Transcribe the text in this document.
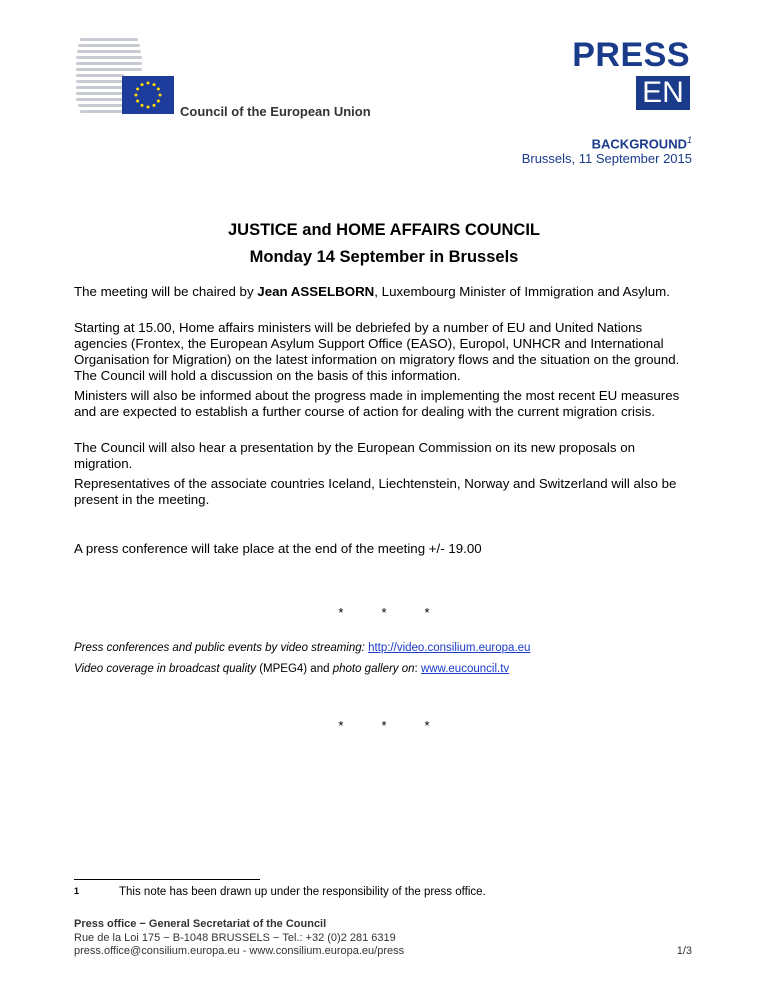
Council of the European Union
PRESS
EN
BACKGROUND$^1$
Brussels, 11 September 2015
JUSTICE and HOME AFFAIRS COUNCIL
Monday 14 September in Brussels
The meeting will be chaired by Jean ASSELBORN, Luxembourg Minister of Immigration and Asylum.
Starting at 15.00, Home affairs ministers will be debriefed by a number of EU and United Nations agencies (Frontex, the European Asylum Support Office (EASO), Europol, UNHCR and International Organisation for Migration) on the latest information on migratory flows and the situation on the ground. The Council will hold a discussion on the basis of this information.
Ministers will also be informed about the progress made in implementing the most recent EU measures and are expected to establish a further course of action for dealing with the current migration crisis.
The Council will also hear a presentation by the European Commission on its new proposals on migration.
Representatives of the associate countries Iceland, Liechtenstein, Norway and Switzerland will also be present in the meeting.
A press conference will take place at the end of the meeting +/- 19.00
*	*	*
Press conferences and public events by video streaming: http://video.consilium.europa.eu
Video coverage in broadcast quality (MPEG4) and photo gallery on: www.eucouncil.tv
*	*	*
1	This note has been drawn up under the responsibility of the press office.
Press office − General Secretariat of the Council
Rue de la Loi 175 − B-1048 BRUSSELS − Tel.: +32 (0)2 281 6319
press.office@consilium.europa.eu - www.consilium.europa.eu/press	1/3
